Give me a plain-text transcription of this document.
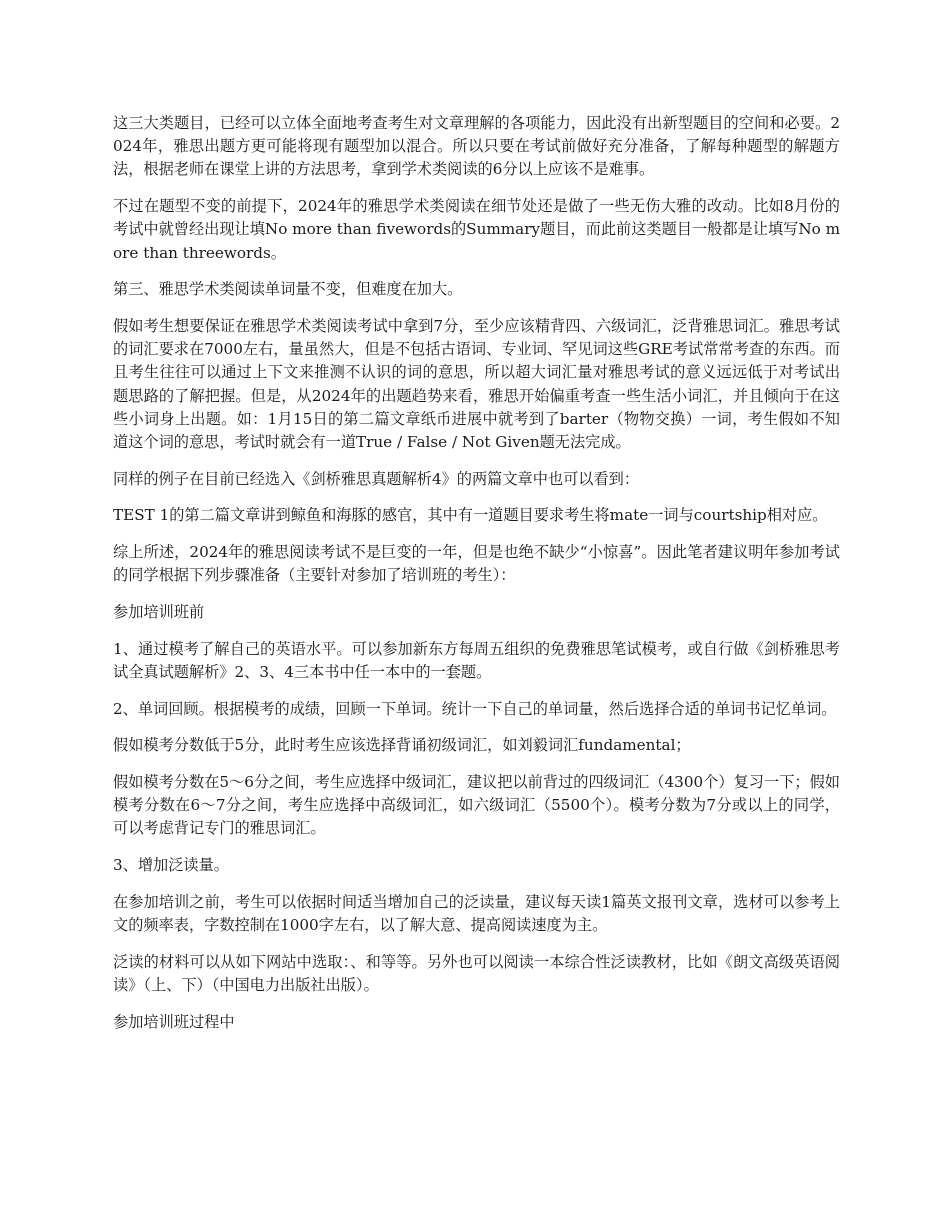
这三大类题目，已经可以立体全面地考查考生对文章理解的各项能力，因此没有出新型题目的空间和必要。2024年，雅思出题方更可能将现有题型加以混合。所以只要在考试前做好充分准备，了解每种题型的解题方法，根据老师在课堂上讲的方法思考，拿到学术类阅读的6分以上应该不是难事。

不过在题型不变的前提下，2024年的雅思学术类阅读在细节处还是做了一些无伤大雅的改动。比如8月份的考试中就曾经出现让填No more than fivewords的Summary题目，而此前这类题目一般都是让填写No more than threewords。

第三、雅思学术类阅读单词量不变，但难度在加大。

假如考生想要保证在雅思学术类阅读考试中拿到7分，至少应该精背四、六级词汇，泛背雅思词汇。雅思考试的词汇要求在7000左右，量虽然大，但是不包括古语词、专业词、罕见词这些GRE考试常常考查的东西。而且考生往往可以通过上下文来推测不认识的词的意思，所以超大词汇量对雅思考试的意义远远低于对考试出题思路的了解把握。但是，从2024年的出题趋势来看，雅思开始偏重考查一些生活小词汇，并且倾向于在这些小词身上出题。如：1月15日的第二篇文章纸币进展中就考到了barter（物物交换）一词，考生假如不知道这个词的意思，考试时就会有一道True / False / Not Given题无法完成。

同样的例子在目前已经选入《剑桥雅思真题解析4》的两篇文章中也可以看到：

TEST 1的第二篇文章讲到鲸鱼和海豚的感官，其中有一道题目要求考生将mate一词与courtship相对应。

综上所述，2024年的雅思阅读考试不是巨变的一年，但是也绝不缺少“小惊喜”。因此笔者建议明年参加考试的同学根据下列步骤准备（主要针对参加了培训班的考生）：

参加培训班前

1、通过模考了解自己的英语水平。可以参加新东方每周五组织的免费雅思笔试模考，或自行做《剑桥雅思考试全真试题解析》2、3、4三本书中任一本中的一套题。

2、单词回顾。根据模考的成绩，回顾一下单词。统计一下自己的单词量，然后选择合适的单词书记忆单词。

假如模考分数低于5分，此时考生应该选择背诵初级词汇，如刘毅词汇fundamental；

假如模考分数在5～6分之间，考生应选择中级词汇，建议把以前背过的四级词汇（4300个）复习一下；假如模考分数在6～7分之间，考生应选择中高级词汇，如六级词汇（5500个）。模考分数为7分或以上的同学，可以考虑背记专门的雅思词汇。

3、增加泛读量。

在参加培训之前，考生可以依据时间适当增加自己的泛读量，建议每天读1篇英文报刊文章，选材可以参考上文的频率表，字数控制在1000字左右，以了解大意、提高阅读速度为主。

泛读的材料可以从如下网站中选取：、和等等。另外也可以阅读一本综合性泛读教材，比如《朗文高级英语阅读》（上、下）（中国电力出版社出版）。

参加培训班过程中
